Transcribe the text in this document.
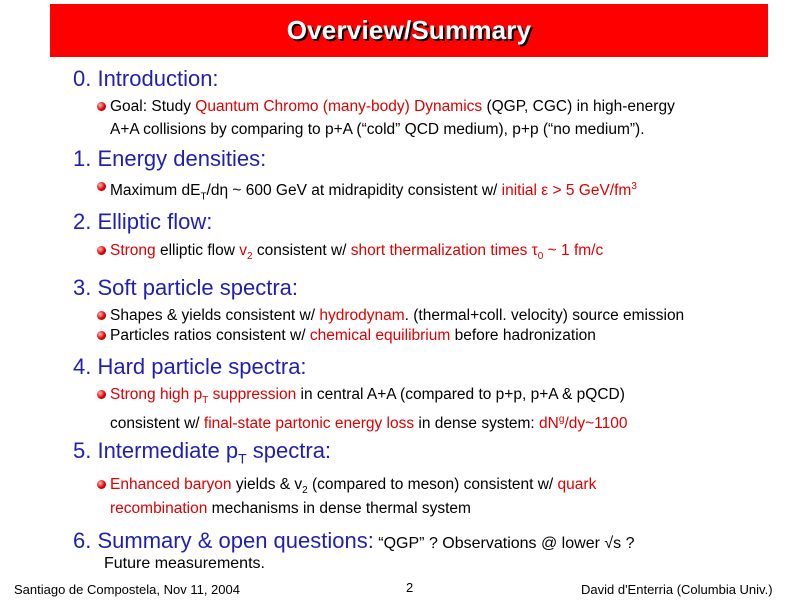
Overview/Summary
0. Introduction:
Goal: Study Quantum Chromo (many-body) Dynamics (QGP, CGC) in high-energy
A+A collisions by comparing to p+A (“cold” QCD medium), p+p (“no medium”).
1. Energy densities:
Maximum $dE_T/d\eta$ ~ 600 GeV at midrapidity consistent w/ initial ε > 5 GeV/$fm^3$
2. Elliptic flow:
Strong elliptic flow $v_2$ consistent w/ short thermalization times $\tau_0$ ~ 1 fm/c
3. Soft particle spectra:
Shapes & yields consistent w/ hydrodynam. (thermal+coll. velocity) source emission
Particles ratios consistent w/ chemical equilibrium before hadronization
4. Hard particle spectra:
Strong high $p_T$ suppression in central A+A (compared to p+p, p+A & pQCD)
consistent w/ final-state partonic energy loss in dense system: $dN^g/dy\sim 1100$
5. Intermediate $p_T$ spectra:
Enhanced baryon yields & $v_2$ (compared to meson) consistent w/ quark
recombination mechanisms in dense thermal system
6. Summary & open questions: “QGP” ? Observations @ lower √s ?
Future measurements.
Santiago de Compostela, Nov 11, 2004	2	David d'Enterria (Columbia Univ.)
